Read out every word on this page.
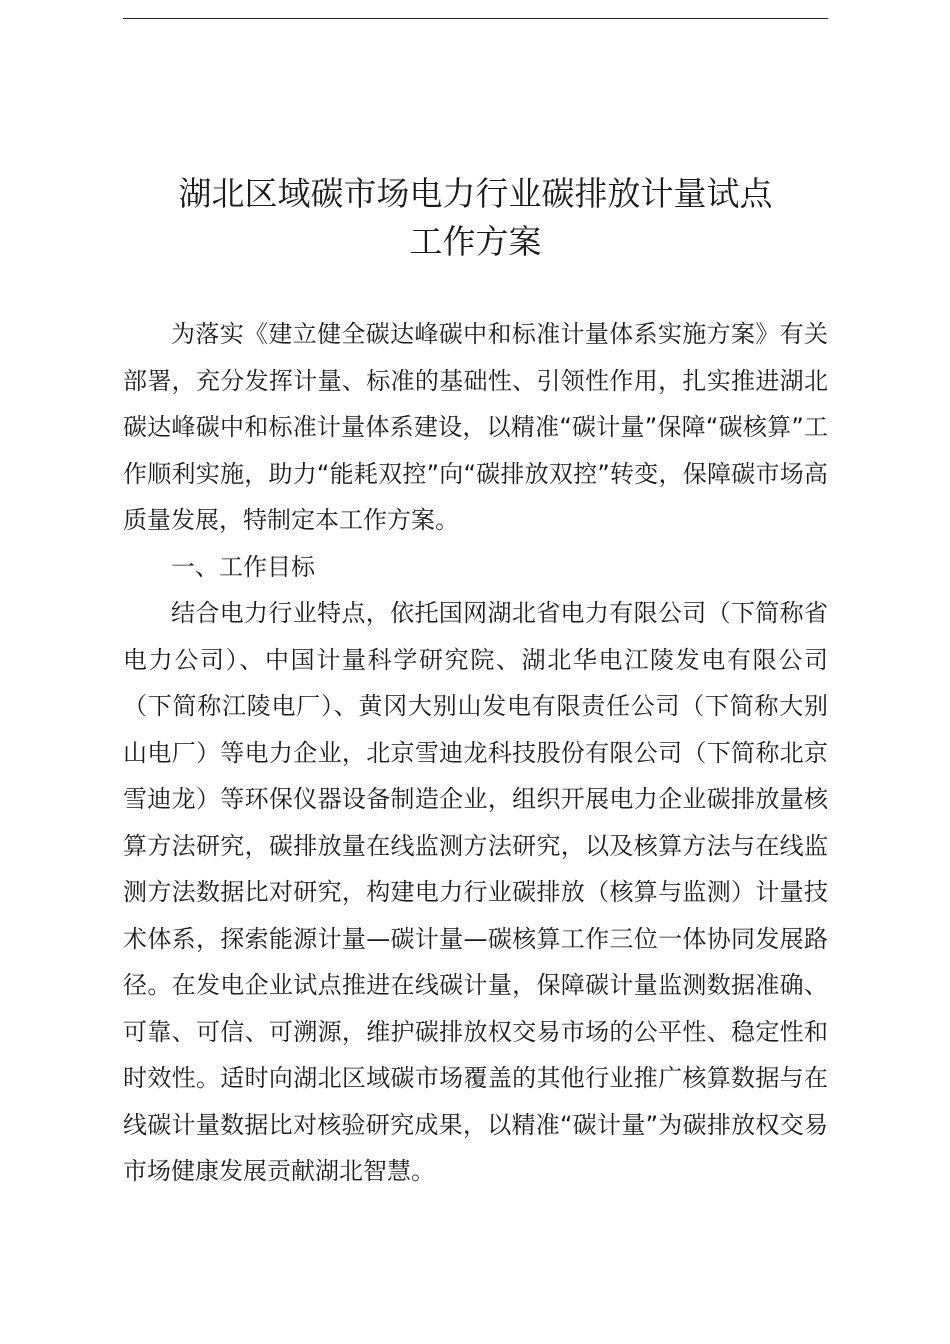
湖北区域碳市场电力行业碳排放计量试点
工作方案

为落实《建立健全碳达峰碳中和标准计量体系实施方案》有关部署，充分发挥计量、标准的基础性、引领性作用，扎实推进湖北碳达峰碳中和标准计量体系建设，以精准“碳计量”保障“碳核算”工作顺利实施，助力“能耗双控”向“碳排放双控”转变，保障碳市场高质量发展，特制定本工作方案。

一、工作目标

结合电力行业特点，依托国网湖北省电力有限公司（下简称省电力公司）、中国计量科学研究院、湖北华电江陵发电有限公司（下简称江陵电厂）、黄冈大别山发电有限责任公司（下简称大别山电厂）等电力企业，北京雪迪龙科技股份有限公司（下简称北京雪迪龙）等环保仪器设备制造企业，组织开展电力企业碳排放量核算方法研究，碳排放量在线监测方法研究，以及核算方法与在线监测方法数据比对研究，构建电力行业碳排放（核算与监测）计量技术体系，探索能源计量—碳计量—碳核算工作三位一体协同发展路径。在发电企业试点推进在线碳计量，保障碳计量监测数据准确、可靠、可信、可溯源，维护碳排放权交易市场的公平性、稳定性和时效性。适时向湖北区域碳市场覆盖的其他行业推广核算数据与在线碳计量数据比对核验研究成果，以精准“碳计量”为碳排放权交易市场健康发展贡献湖北智慧。
